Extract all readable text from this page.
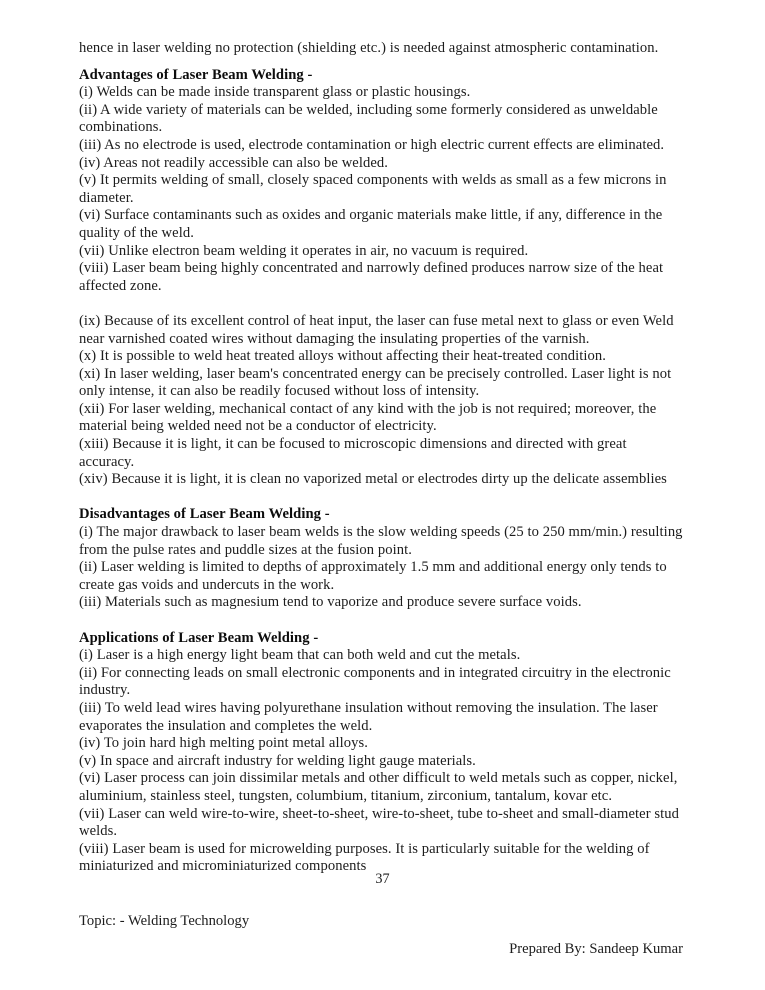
hence in laser welding no protection (shielding etc.) is needed against atmospheric contamination.

Advantages of Laser Beam Welding -

(i) Welds can be made inside transparent glass or plastic housings.

(ii) A wide variety of materials can be welded, including some formerly considered as unweldable combinations.

(iii) As no electrode is used, electrode contamination or high electric current effects are eliminated.

(iv) Areas not readily accessible can also be welded.

(v) It permits welding of small, closely spaced components with welds as small as a few microns in diameter.

(vi) Surface contaminants such as oxides and organic materials make little, if any, difference in the quality of the weld.

(vii) Unlike electron beam welding it operates in air, no vacuum is required.

(viii) Laser beam being highly concentrated and narrowly defined produces narrow size of the heat affected zone.

(ix) Because of its excellent control of heat input, the laser can fuse metal next to glass or even Weld near varnished coated wires without damaging the insulating properties of the varnish.

(x) It is possible to weld heat treated alloys without affecting their heat-treated condition.

(xi) In laser welding, laser beam's concentrated energy can be precisely controlled. Laser light is not only intense, it can also be readily focused without loss of intensity.

(xii) For laser welding, mechanical contact of any kind with the job is not required; moreover, the material being welded need not be a conductor of electricity.

(xiii) Because it is light, it can be focused to microscopic dimensions and directed with great accuracy.

(xiv) Because it is light, it is clean no vaporized metal or electrodes dirty up the delicate assemblies

Disadvantages of Laser Beam Welding -

(i) The major drawback to laser beam welds is the slow welding speeds (25 to 250 mm/min.) resulting from the pulse rates and puddle sizes at the fusion point.

(ii) Laser welding is limited to depths of approximately 1.5 mm and additional energy only tends to create gas voids and undercuts in the work.

(iii) Materials such as magnesium tend to vaporize and produce severe surface voids.

Applications of Laser Beam Welding -

(i) Laser is a high energy light beam that can both weld and cut the metals.

(ii) For connecting leads on small electronic components and in integrated circuitry in the electronic industry.

(iii) To weld lead wires having polyurethane insulation without removing the insulation. The laser evaporates the insulation and completes the weld.

(iv) To join hard high melting point metal alloys.

(v) In space and aircraft industry for welding light gauge materials.

(vi) Laser process can join dissimilar metals and other difficult to weld metals such as copper, nickel, aluminium, stainless steel, tungsten, columbium, titanium, zirconium, tantalum, kovar etc.

(vii) Laser can weld wire-to-wire, sheet-to-sheet, wire-to-sheet, tube to-sheet and small-diameter stud welds.

(viii) Laser beam is used for microwelding purposes. It is particularly suitable for the welding of miniaturized and microminiaturized components

37
Topic: - Welding Technology
Prepared By: Sandeep Kumar
